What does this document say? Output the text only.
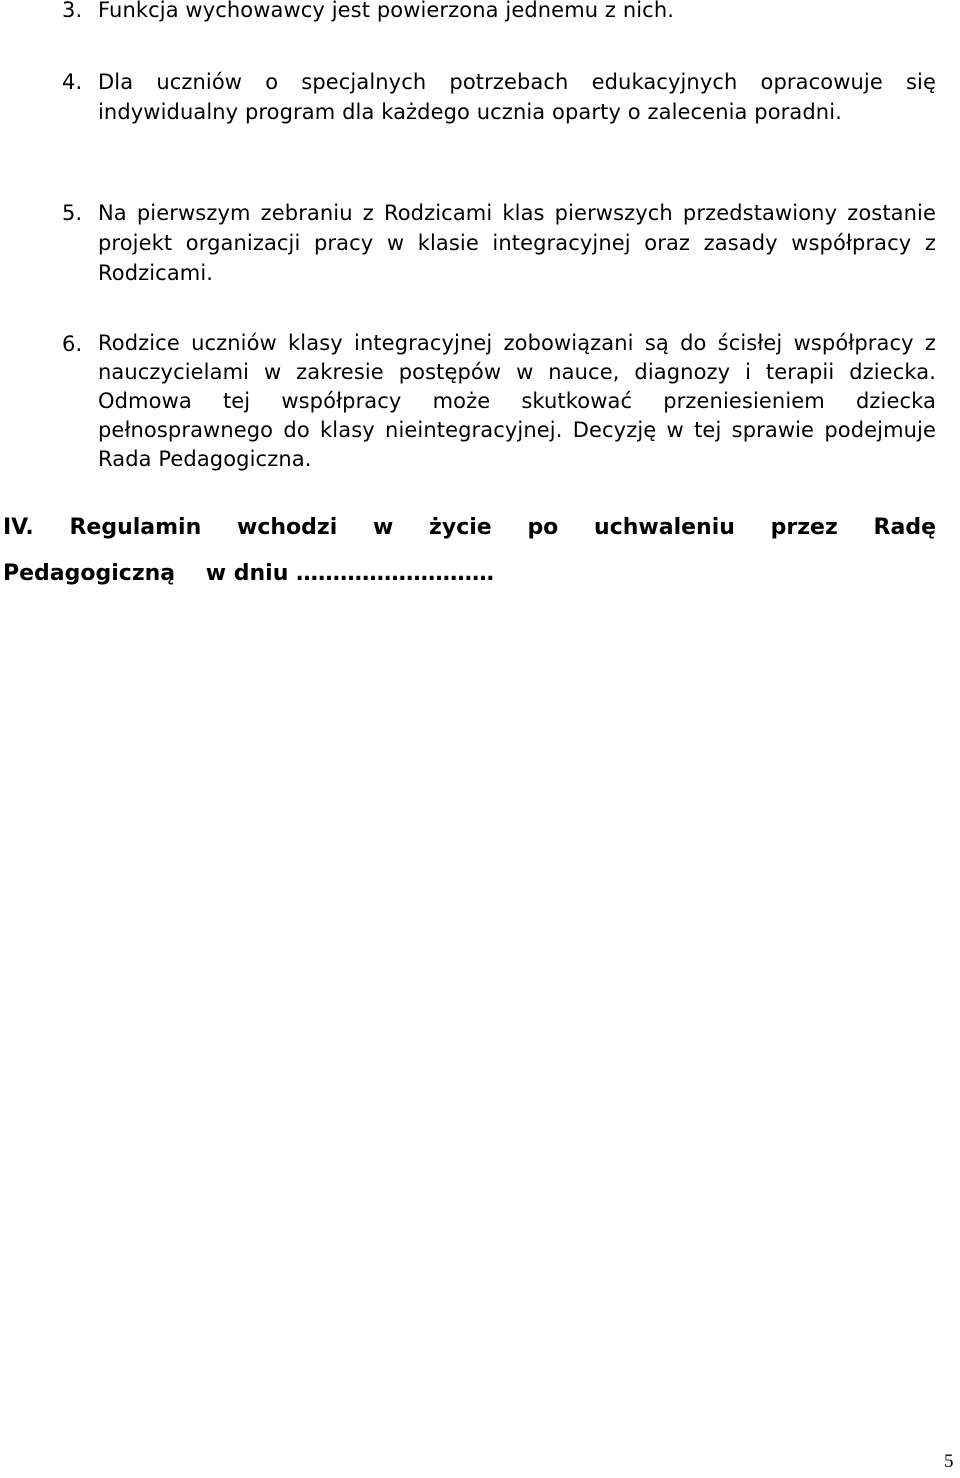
3. Funkcja wychowawcy jest powierzona jednemu z nich.
4. Dla uczniów o specjalnych potrzebach edukacyjnych opracowuje się indywidualny program dla każdego ucznia oparty o zalecenia poradni.
5. Na pierwszym zebraniu z Rodzicami klas pierwszych przedstawiony zostanie projekt organizacji pracy w klasie integracyjnej oraz zasady współpracy z Rodzicami.
6. Rodzice uczniów klasy integracyjnej zobowiązani są do ścisłej współpracy z nauczycielami w zakresie postępów w nauce, diagnozy i terapii dziecka. Odmowa tej współpracy może skutkować przeniesieniem dziecka pełnosprawnego do klasy nieintegracyjnej. Decyzję w tej sprawie podejmuje Rada Pedagogiczna.
IV. Regulamin wchodzi w życie po uchwaleniu przez Radę
Pedagogiczną    w dniu ………………………
5
